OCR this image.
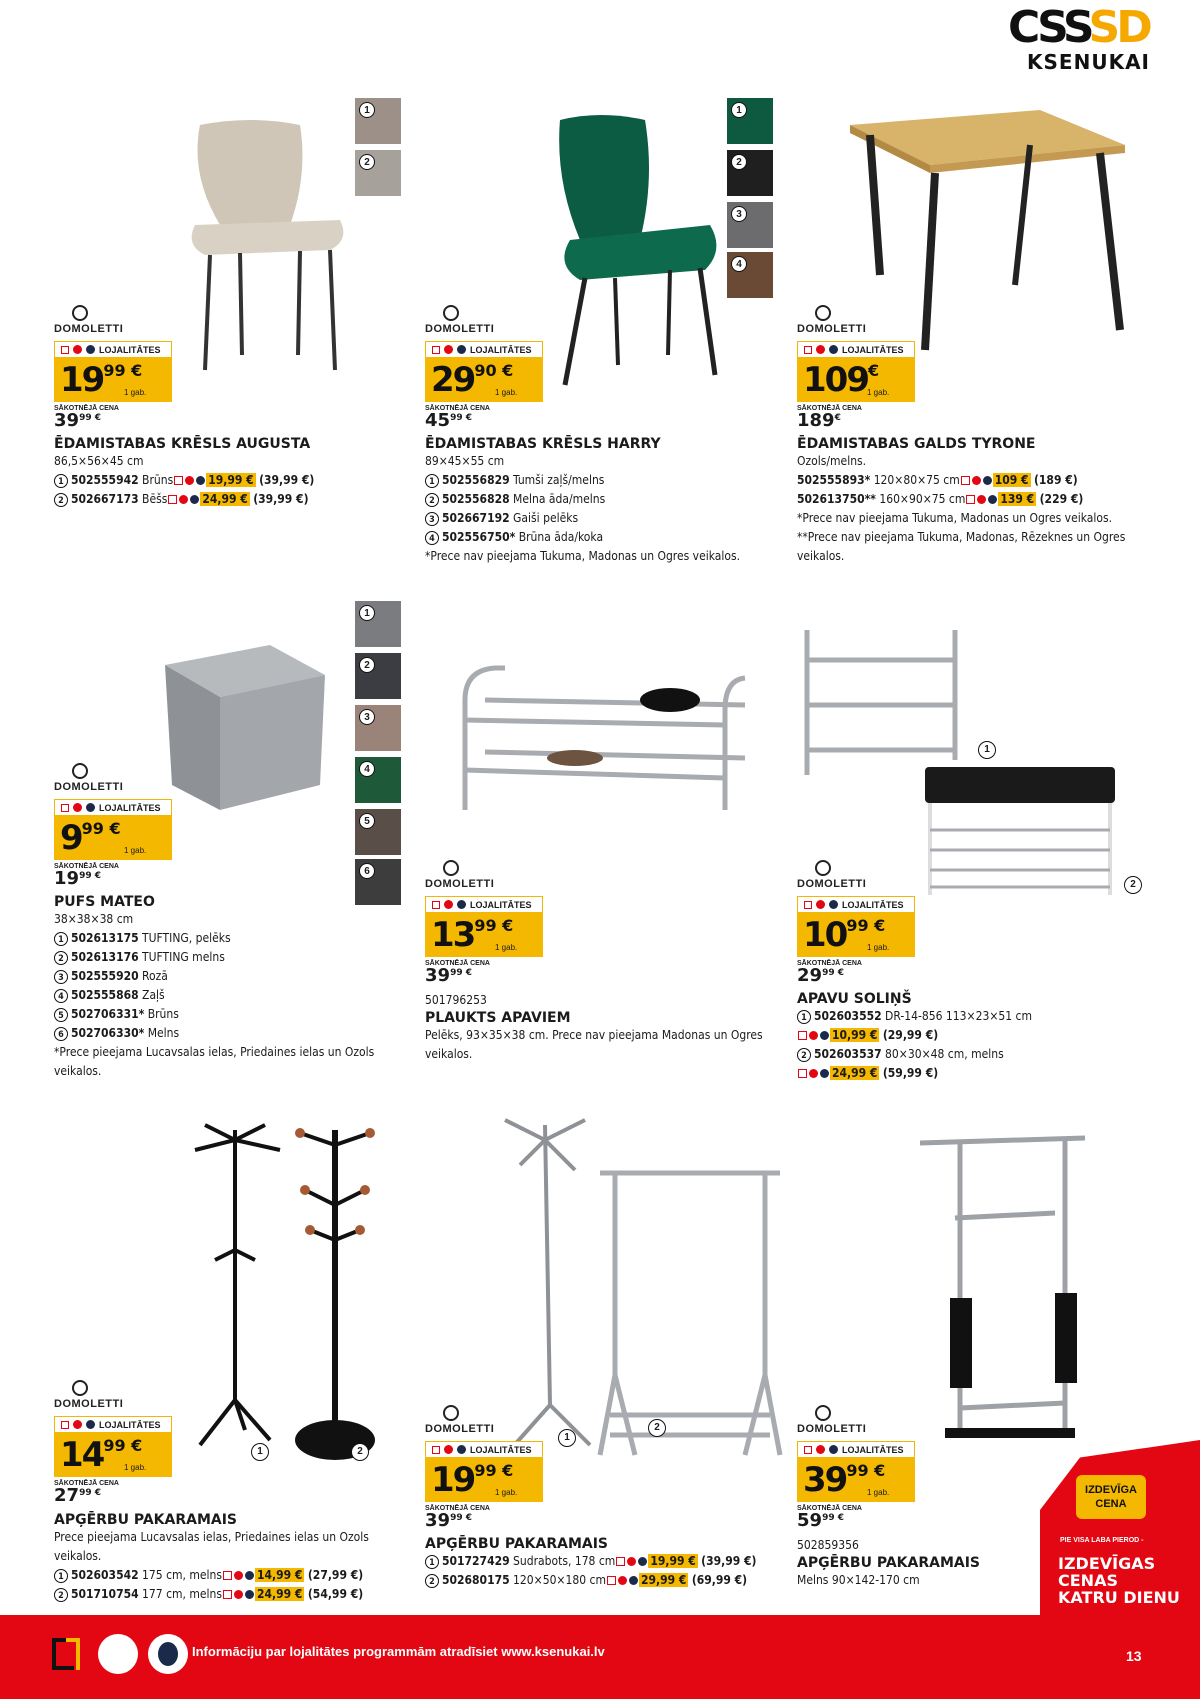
CSSSD
KSENUKAI
1
2
1
2
3
4
DOMOLETTI
LOJALITĀTES
$19^{99 €}$
1 gab.
SĀKOTNĒJĀ CENA
$39^{99 €}$
ĒDAMISTABAS KRĒSLS AUGUSTA
86,5×56×45 cm
1 502555942 Brūns	19,99 € (39,99 €)
2 502667173 Bēšs	24,99 € (39,99 €)
DOMOLETTI
LOJALITĀTES
$29^{90 €}$
1 gab.
SĀKOTNĒJĀ CENA
$45^{99 €}$
ĒDAMISTABAS KRĒSLS HARRY
89×45×55 cm
1 502556829 Tumši zaļš/melns
2 502556828 Melna āda/melns
3 502667192 Gaiši pelēks
4 502556750* Brūna āda/koka
*Prece nav pieejama Tukuma, Madonas un Ogres veikalos.
DOMOLETTI
LOJALITĀTES
109€
1 gab.
SĀKOTNĒJĀ CENA
189€
ĒDAMISTABAS GALDS TYRONE
Ozols/melns.
502555893* 120×80×75 cm	109 € (189 €)
502613750** 160×90×75 cm	139 € (229 €)
*Prece nav pieejama Tukuma, Madonas un Ogres veikalos.
**Prece nav pieejama Tukuma, Madonas, Rēzeknes un Ogres
veikalos.
1
2
3
4
5
6
1
2
DOMOLETTI
LOJALITĀTES
$9^{99 €}$
1 gab.
SĀKOTNĒJĀ CENA
$19^{99 €}$
PUFS MATEO
38×38×38 cm
1 502613175 TUFTING, pelēks
2 502613176 TUFTING melns
3 502555920 Rozā
4 502555868 Zaļš
5 502706331* Brūns
6 502706330* Melns
*Prece pieejama Lucavsalas ielas, Priedaines ielas un Ozols
veikalos.
DOMOLETTI
LOJALITĀTES
$13^{99 €}$
1 gab.
SĀKOTNĒJĀ CENA
$39^{99 €}$
501796253
PLAUKTS APAVIEM
Pelēks, 93×35×38 cm. Prece nav pieejama Madonas un Ogres
veikalos.
DOMOLETTI
LOJALITĀTES
$10^{99 €}$
1 gab.
SĀKOTNĒJĀ CENA
$29^{99 €}$
APAVU SOLIŅŠ
1 502603552 DR-14-856 113×23×51 cm
10,99 € (29,99 €)
2 502603537 80×30×48 cm, melns
24,99 € (59,99 €)
1	2
1
2
DOMOLETTI
LOJALITĀTES
$14^{99 €}$
1 gab.
SĀKOTNĒJĀ CENA
$27^{99 €}$
APĢĒRBU PAKARAMAIS
Prece pieejama Lucavsalas ielas, Priedaines ielas un Ozols
veikalos.
1 502603542 175 cm, melns	14,99 € (27,99 €)
2 501710754 177 cm, melns	24,99 € (54,99 €)
DOMOLETTI
LOJALITĀTES
$19^{99 €}$
1 gab.
SĀKOTNĒJĀ CENA
$39^{99 €}$
APĢĒRBU PAKARAMAIS
1 501727429 Sudrabots, 178 cm	19,99 € (39,99 €)
2 502680175 120×50×180 cm	29,99 € (69,99 €)
DOMOLETTI
LOJALITĀTES
$39^{99 €}$
1 gab.
SĀKOTNĒJĀ CENA
$59^{99 €}$
502859356
APĢĒRBU PAKARAMAIS
Melns 90×142-170 cm
IZDEVĪGA
CENA
PIE VISA LABA PIEROD -
IZDEVĪGAS
CENAS
KATRU DIENU
Informāciju par lojalitātes programmām atradīsiet www.ksenukai.lv	13
